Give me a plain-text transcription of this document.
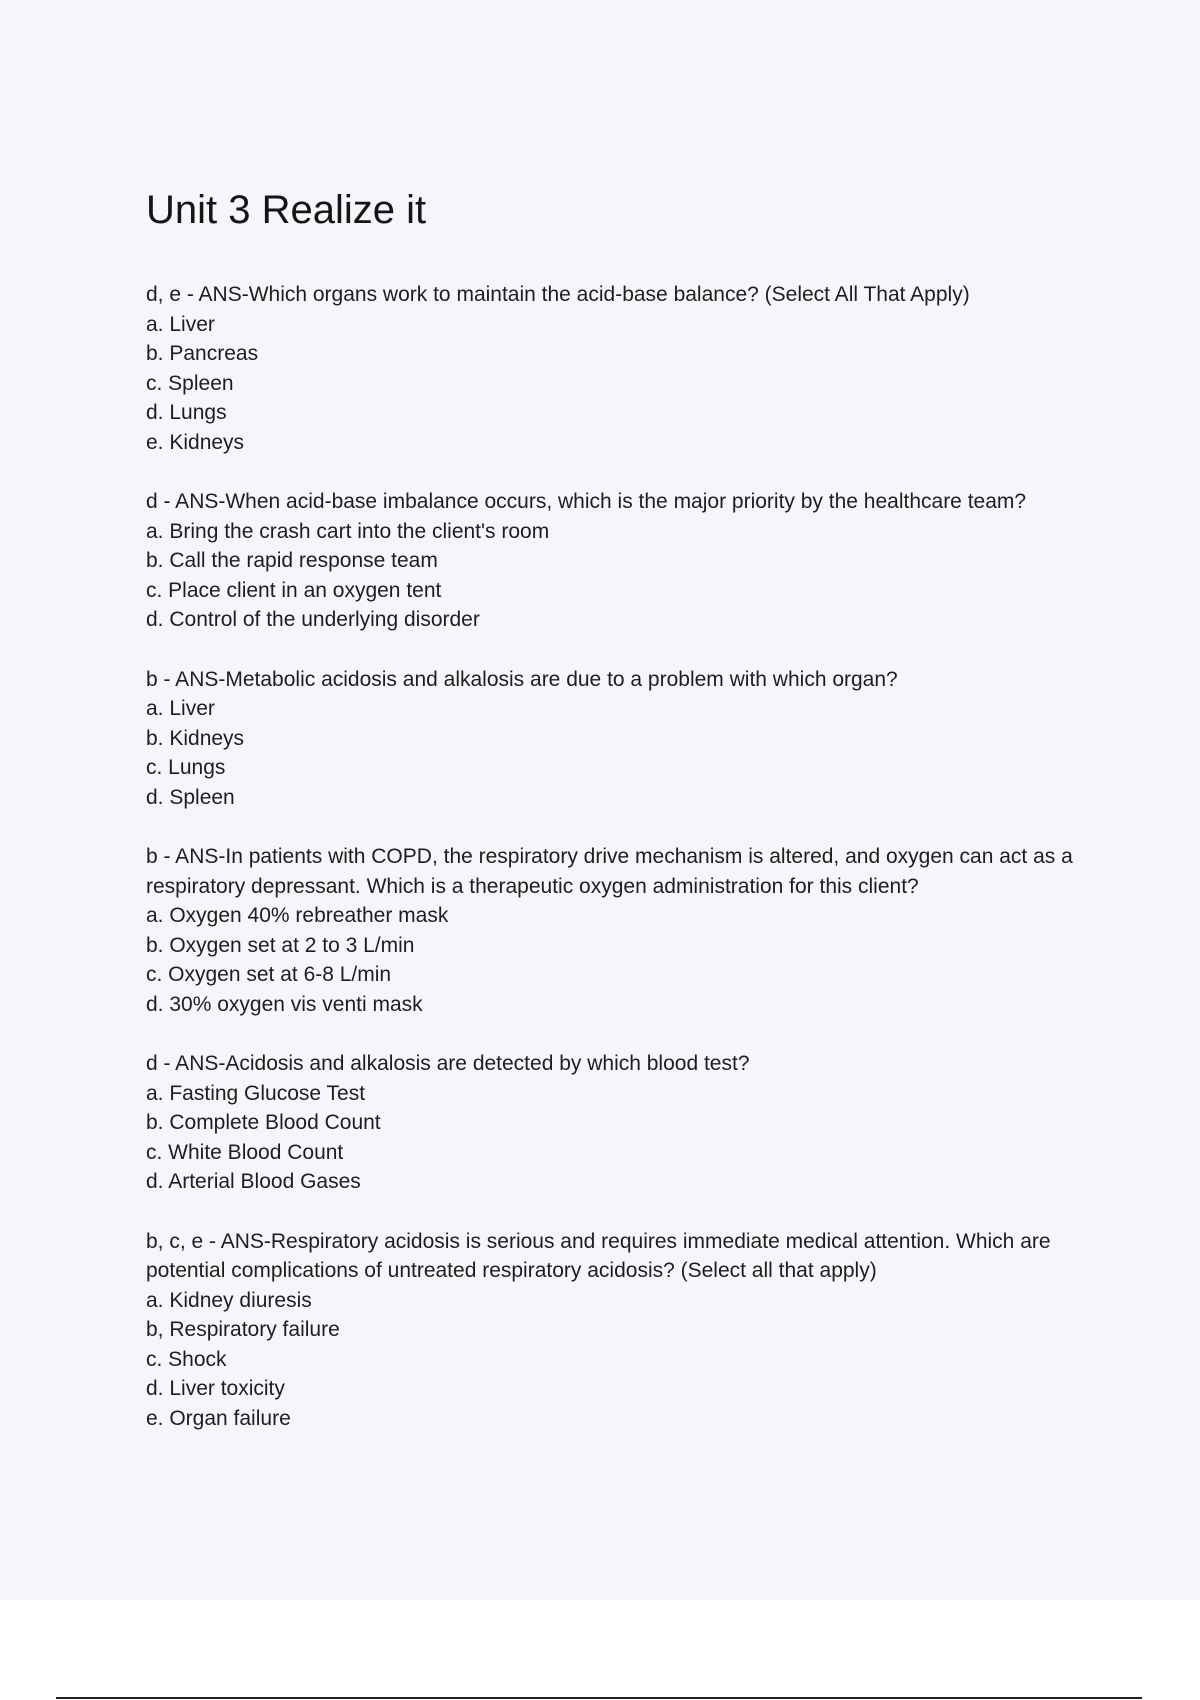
Unit 3 Realize it
d, e - ANS-Which organs work to maintain the acid-base balance? (Select All That Apply)
a. Liver
b. Pancreas
c. Spleen
d. Lungs
e. Kidneys
d - ANS-When acid-base imbalance occurs, which is the major priority by the healthcare team?
a. Bring the crash cart into the client's room
b. Call the rapid response team
c. Place client in an oxygen tent
d. Control of the underlying disorder
b - ANS-Metabolic acidosis and alkalosis are due to a problem with which organ?
a. Liver
b. Kidneys
c. Lungs
d. Spleen
b - ANS-In patients with COPD, the respiratory drive mechanism is altered, and oxygen can act as a respiratory depressant. Which is a therapeutic oxygen administration for this client?
a. Oxygen 40% rebreather mask
b. Oxygen set at 2 to 3 L/min
c. Oxygen set at 6-8 L/min
d. 30% oxygen vis venti mask
d - ANS-Acidosis and alkalosis are detected by which blood test?
a. Fasting Glucose Test
b. Complete Blood Count
c. White Blood Count
d. Arterial Blood Gases
b, c, e - ANS-Respiratory acidosis is serious and requires immediate medical attention. Which are potential complications of untreated respiratory acidosis? (Select all that apply)
a. Kidney diuresis
b, Respiratory failure
c. Shock
d. Liver toxicity
e. Organ failure
